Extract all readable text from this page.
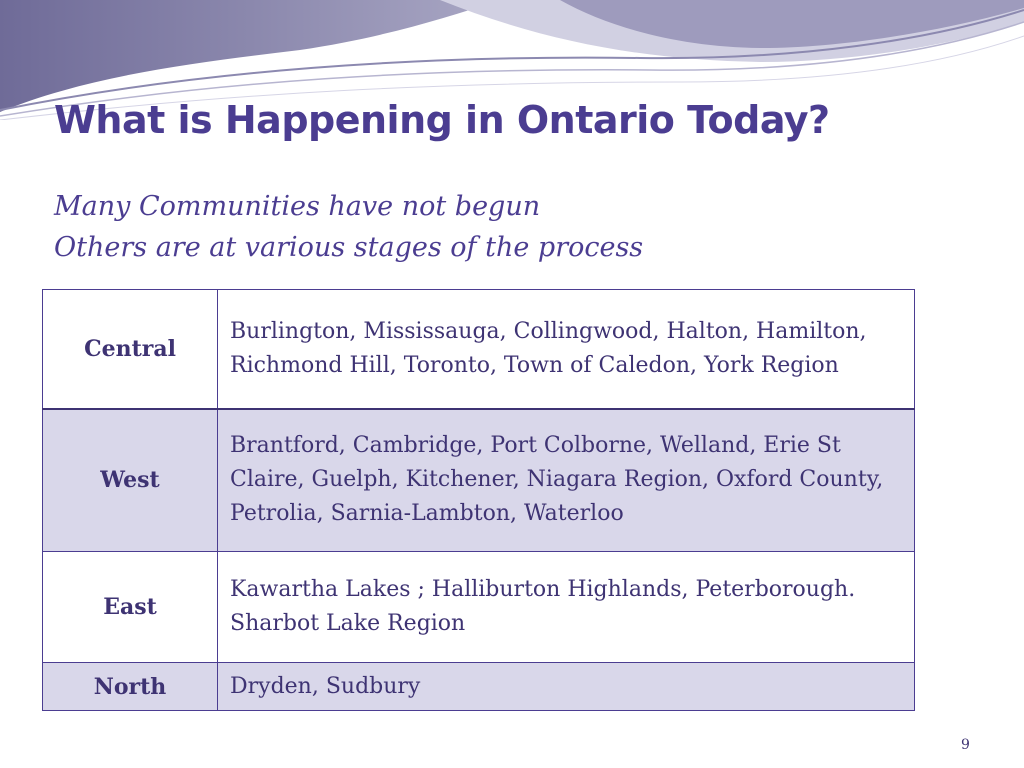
What is Happening in Ontario Today?
Many Communities have not begun
Others are at various stages of the process
Central	Burlington, Mississauga, Collingwood, Halton, Hamilton, Richmond Hill, Toronto, Town of Caledon, York Region
West	Brantford, Cambridge, Port Colborne, Welland, Erie St Claire, Guelph, Kitchener, Niagara Region, Oxford County, Petrolia, Sarnia-Lambton, Waterloo
East	Kawartha Lakes ; Halliburton Highlands, Peterborough. Sharbot Lake Region
North	Dryden, Sudbury
9
